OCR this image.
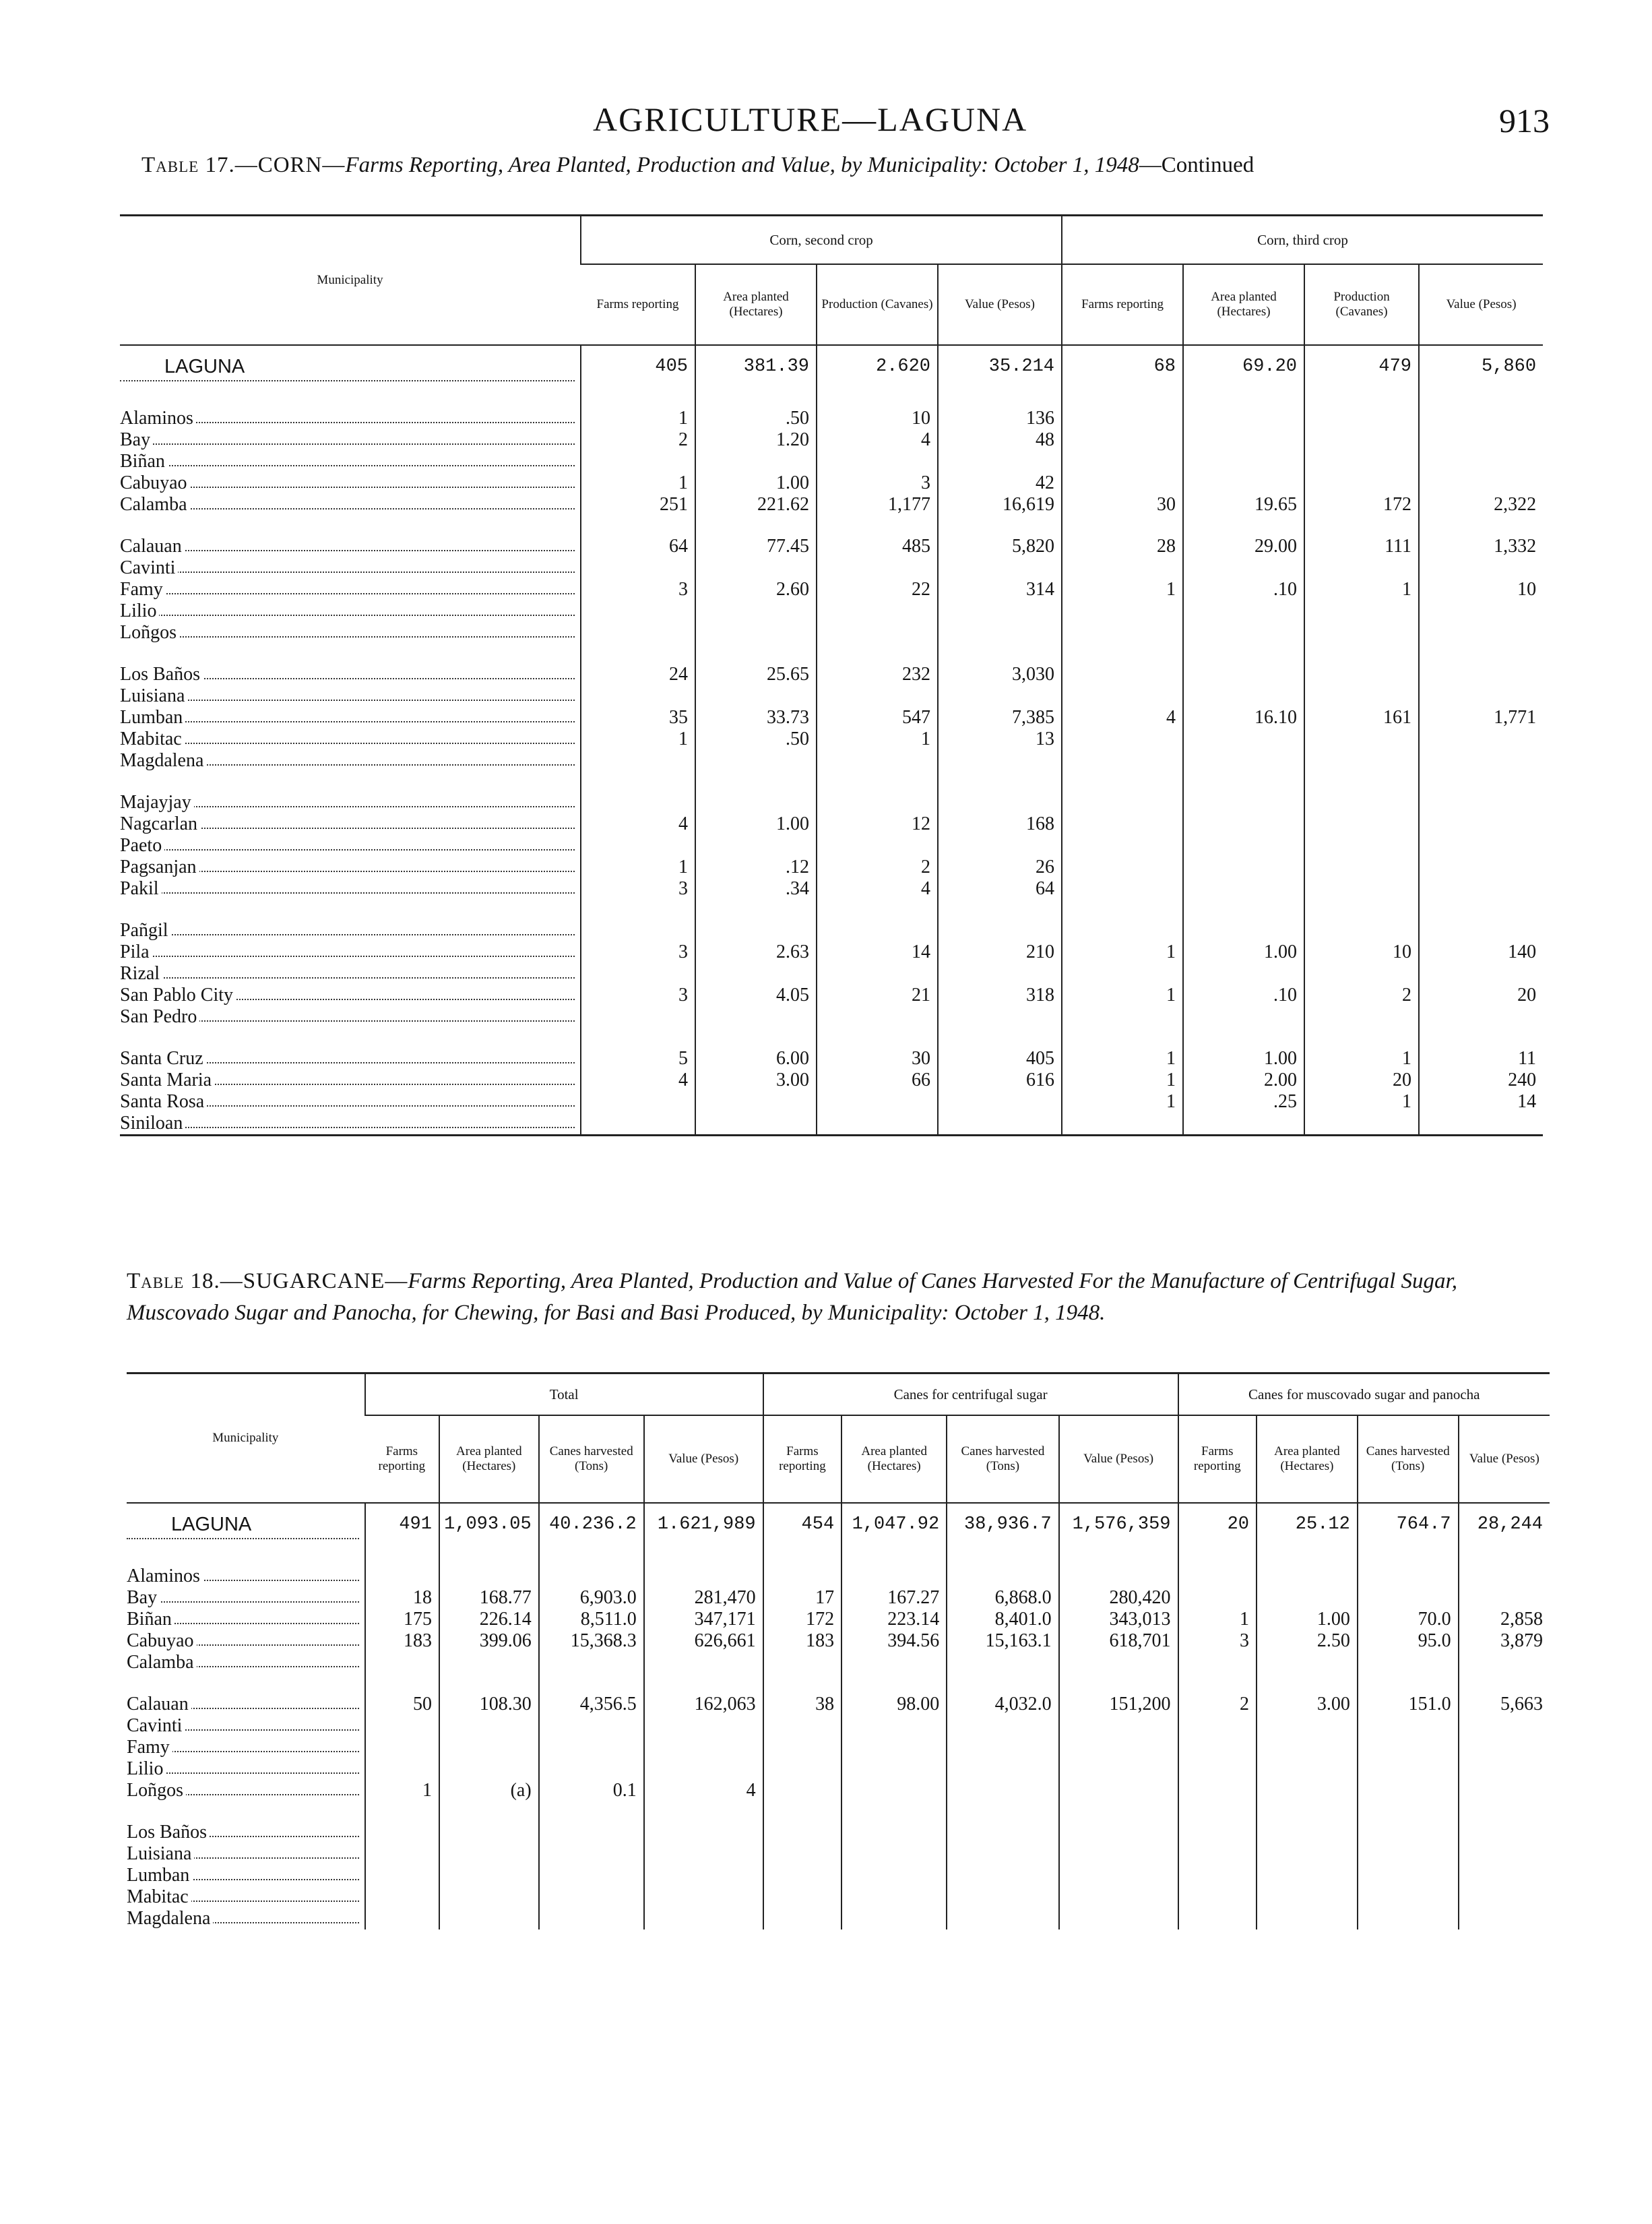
AGRICULTURE—LAGUNA	913
Table 17.—CORN—Farms Reporting, Area Planted, Production and Value, by Municipality: October 1, 1948—Continued
Municipality	Corn, second crop				Corn, third crop			
	Farms reporting	Area planted (Hectares)	Production (Cavanes)	Value (Pesos)	Farms reporting	Area planted (Hectares)	Production (Cavanes)	Value (Pesos)
LAGUNA	405	381.39	2.620	35.214	68	69.20	479	5,860

Alaminos	1	.50	10	136				
Bay	2	1.20	4	48				
Biñan								
Cabuyao	1	1.00	3	42				
Calamba	251	221.62	1,177	16,619	30	19.65	172	2,322

Calauan	64	77.45	485	5,820	28	29.00	111	1,332
Cavinti								
Famy	3	2.60	22	314	1	.10	1	10
Lilio								
Loñgos								

Los Baños	24	25.65	232	3,030				
Luisiana								
Lumban	35	33.73	547	7,385	4	16.10	161	1,771
Mabitac	1	.50	1	13				
Magdalena								

Majayjay								
Nagcarlan	4	1.00	12	168				
Paeto								
Pagsanjan	1	.12	2	26				
Pakil	3	.34	4	64				

Pañgil								
Pila	3	2.63	14	210	1	1.00	10	140
Rizal								
San Pablo City	3	4.05	21	318	1	.10	2	20
San Pedro								

Santa Cruz	5	6.00	30	405	1	1.00	1	11
Santa Maria	4	3.00	66	616	1	2.00	20	240
Santa Rosa					1	.25	1	14
Siniloan								
Table 18.—SUGARCANE—Farms Reporting, Area Planted, Production and Value of Canes Harvested For the Manufacture of Centrifugal Sugar, Muscovado Sugar and Panocha, for Chewing, for Basi and Basi Produced, by Municipality: October 1, 1948.
Municipality	Total				Canes for centrifugal sugar				Canes for muscovado sugar and panocha			
	Farms reporting	Area planted (Hectares)	Canes harvested (Tons)	Value (Pesos)	Farms reporting	Area planted (Hectares)	Canes harvested (Tons)	Value (Pesos)	Farms reporting	Area planted (Hectares)	Canes harvested (Tons)	Value (Pesos)
LAGUNA	491	1,093.05	40.236.2	1.621,989	454	1,047.92	38,936.7	1,576,359	20	25.12	764.7	28,244

Alaminos												
Bay	18	168.77	6,903.0	281,470	17	167.27	6,868.0	280,420				
Biñan	175	226.14	8,511.0	347,171	172	223.14	8,401.0	343,013	1	1.00	70.0	2,858
Cabuyao	183	399.06	15,368.3	626,661	183	394.56	15,163.1	618,701	3	2.50	95.0	3,879
Calamba												

Calauan	50	108.30	4,356.5	162,063	38	98.00	4,032.0	151,200	2	3.00	151.0	5,663
Cavinti												
Famy												
Lilio												
Loñgos	1	(a)	0.1	4								

Los Baños												
Luisiana												
Lumban												
Mabitac												
Magdalena												
